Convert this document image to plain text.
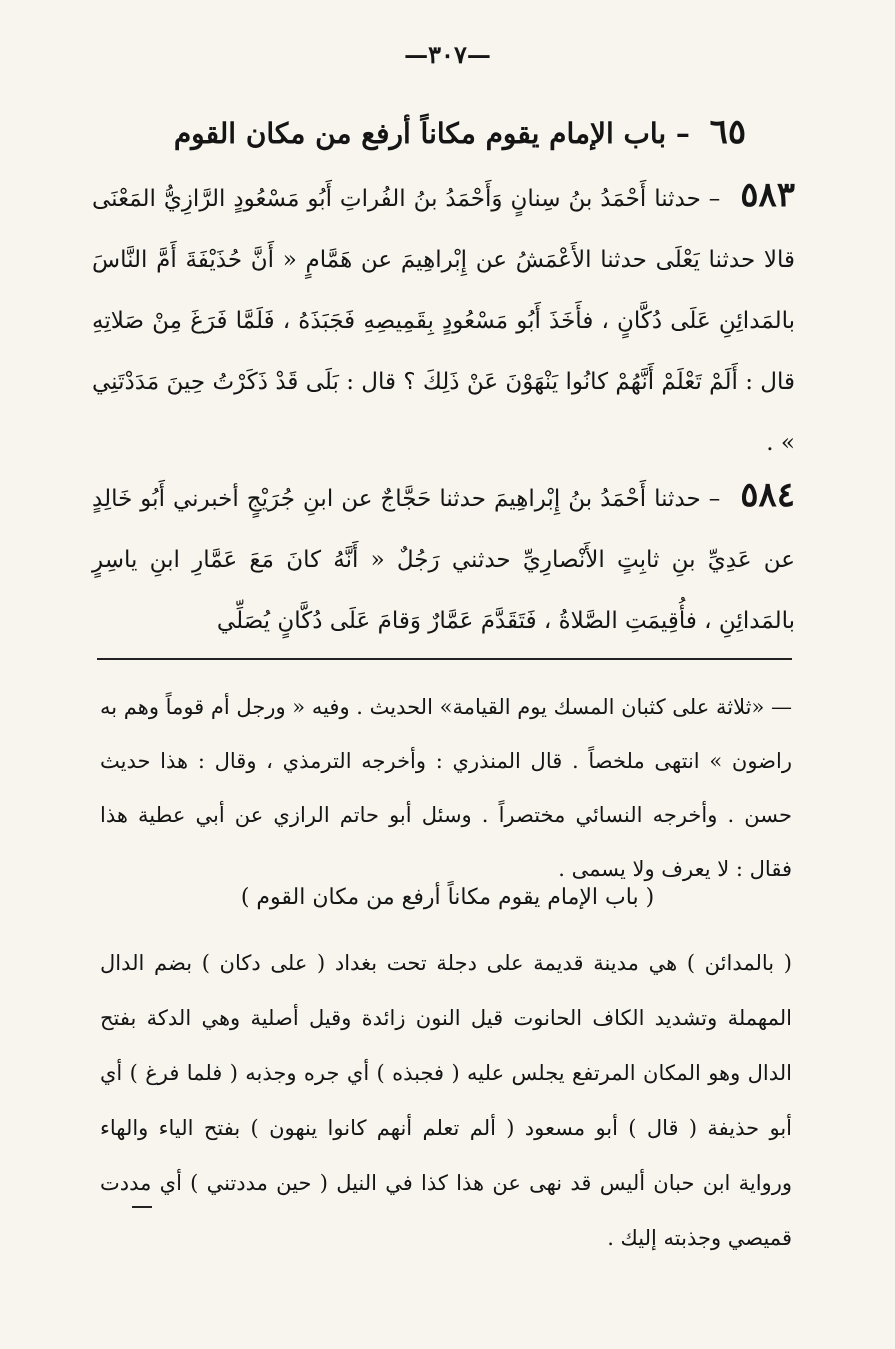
—٣٠٧—
٦٥ – باب الإمام يقوم مكاناً أرفع من مكان القوم
٥٨٣ – حدثنا أَحْمَدُ بنُ سِنانٍ وَأَحْمَدُ بنُ الفُراتِ أَبُو مَسْعُودٍ الرَّازِيُّ المَعْنَى قالا حدثنا يَعْلَى حدثنا الأَعْمَشُ عن إِبْراهِيمَ عن هَمَّامٍ « أَنَّ حُذَيْفَةَ أَمَّ النَّاسَ بالمَدائِنِ عَلَى دُكَّانٍ ، فأَخَذَ أَبُو مَسْعُودٍ بِقَمِيصِهِ فَجَبَذَهُ ، فَلَمَّا فَرَغَ مِنْ صَلاتِهِ قال : أَلَمْ تَعْلَمْ أَنَّهُمْ كانُوا يَنْهَوْنَ عَنْ ذَلِكَ ؟ قال : بَلَى قَدْ ذَكَرْتُ حِينَ مَدَدْتَنِي » .
٥٨٤ – حدثنا أَحْمَدُ بنُ إِبْراهِيمَ حدثنا حَجَّاجٌ عن ابنِ جُرَيْجٍ أخبرني أَبُو خَالِدٍ عن عَدِيِّ بنِ ثابِتٍ الأَنْصارِيِّ حدثني رَجُلٌ « أَنَّهُ كانَ مَعَ عَمَّارِ ابنِ ياسِرٍ بالمَدائِنِ ، فأُقِيمَتِ الصَّلاةُ ، فَتَقَدَّمَ عَمَّارٌ وَقامَ عَلَى دُكَّانٍ يُصَلِّي
— «ثلاثة على كثبان المسك يوم القيامة» الحديث . وفيه « ورجل أم قوماً وهم به راضون » انتهى ملخصاً . قال المنذري : وأخرجه الترمذي ، وقال : هذا حديث حسن . وأخرجه النسائي مختصراً . وسئل أبو حاتم الرازي عن أبي عطية هذا فقال : لا يعرف ولا يسمى .
( باب الإمام يقوم مكاناً أرفع من مكان القوم )
( بالمدائن ) هي مدينة قديمة على دجلة تحت بغداد ( على دكان ) بضم الدال المهملة وتشديد الكاف الحانوت قيل النون زائدة وقيل أصلية وهي الدكة بفتح الدال وهو المكان المرتفع يجلس عليه ( فجبذه ) أي جره وجذبه ( فلما فرغ ) أي أبو حذيفة ( قال ) أبو مسعود ( ألم تعلم أنهم كانوا ينهون ) بفتح الياء والهاء ورواية ابن حبان أليس قد نهى عن هذا كذا في النيل ( حين مددتني ) أي مددت قميصي وجذبته إليك .
